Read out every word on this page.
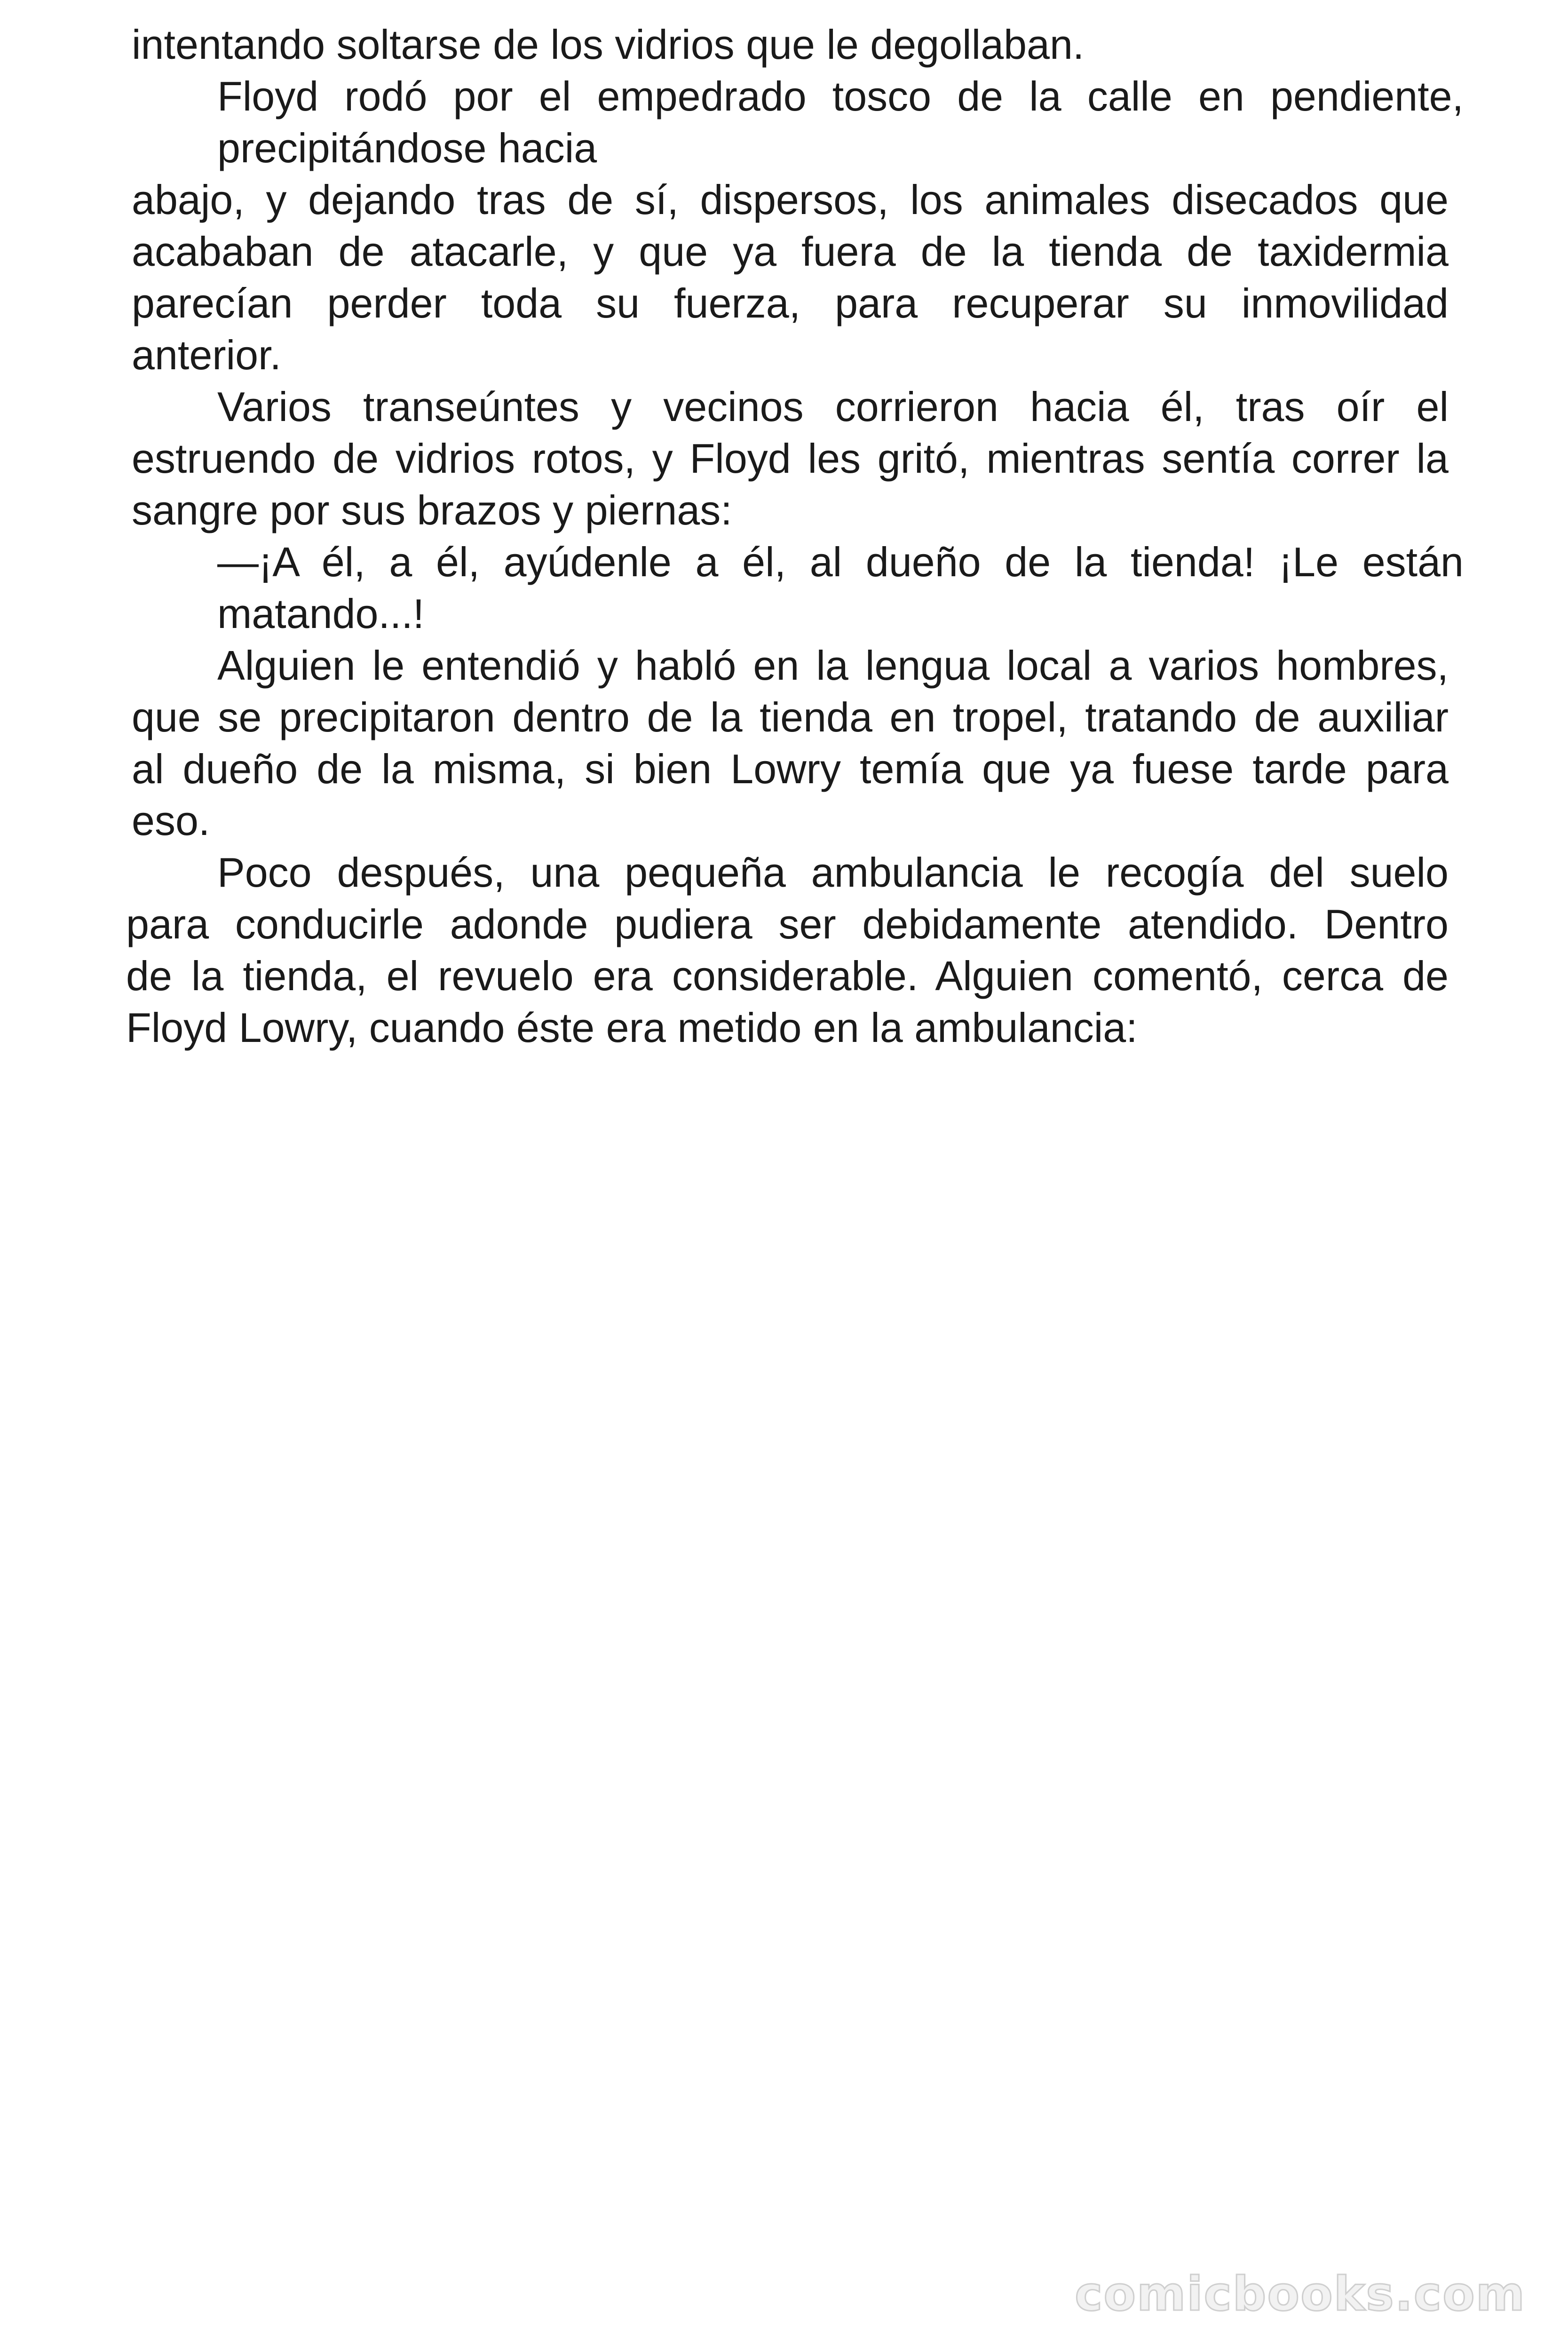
intentando soltarse de los vidrios que le degollaban.
Floyd rodó por el empedrado tosco de la calle en pendiente,
precipitándose hacia
abajo, y dejando tras de sí, dispersos, los animales disecados que
acababan de atacarle, y que ya fuera de la tienda de taxidermia
parecían perder toda su fuerza, para recuperar su inmovilidad
anterior.
Varios transeúntes y vecinos corrieron hacia él, tras oír el
estruendo de vidrios rotos, y Floyd les gritó, mientras sentía correr la
sangre por sus brazos y piernas:
—¡A él, a él, ayúdenle a él, al dueño de la tienda! ¡Le están
matando...!
Alguien le entendió y habló en la lengua local a varios hombres,
que se precipitaron dentro de la tienda en tropel, tratando de auxiliar
al dueño de la misma, si bien Lowry temía que ya fuese tarde para
eso.
Poco después, una pequeña ambulancia le recogía del suelo
para conducirle adonde pudiera ser debidamente atendido. Dentro
de la tienda, el revuelo era considerable. Alguien comentó, cerca de
Floyd Lowry, cuando éste era metido en la ambulancia:
comicbooks.com
